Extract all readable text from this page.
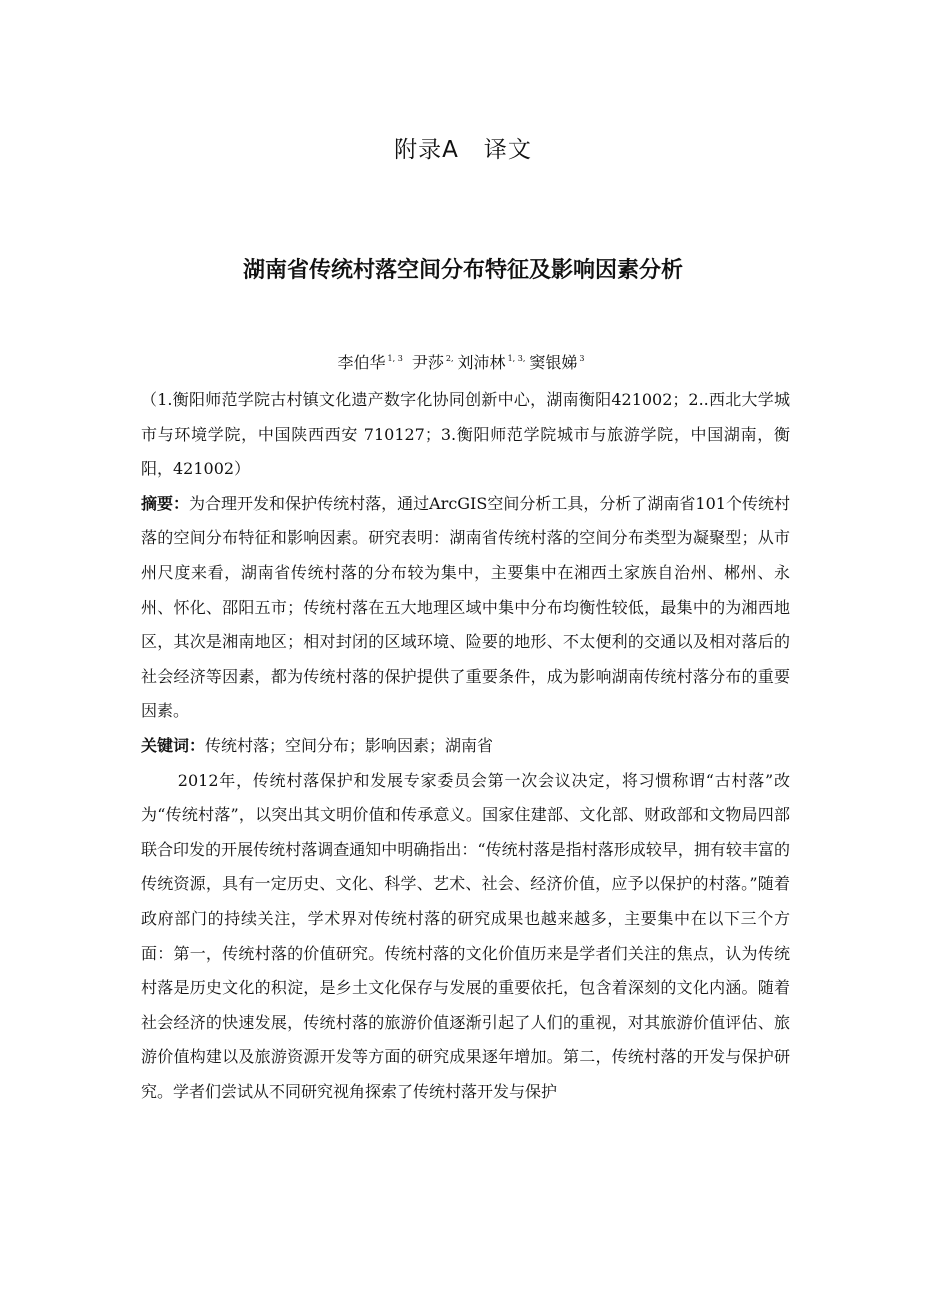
附录A   译文
湖南省传统村落空间分布特征及影响因素分析
李伯华 $^{1, 3}$ 尹莎 $^{2,}$ 刘沛林 $^{1, 3,}$ 窦银娣 $^3$

（1.衡阳师范学院古村镇文化遗产数字化协同创新中心，湖南衡阳421002；2..西北大学城市与环境学院，中国陕西西安 710127；3.衡阳师范学院城市与旅游学院，中国湖南，衡阳，421002）

摘要：为合理开发和保护传统村落，通过ArcGIS空间分析工具，分析了湖南省101个传统村落的空间分布特征和影响因素。研究表明：湖南省传统村落的空间分布类型为凝聚型；从市州尺度来看，湖南省传统村落的分布较为集中，主要集中在湘西土家族自治州、郴州、永州、怀化、邵阳五市；传统村落在五大地理区域中集中分布均衡性较低，最集中的为湘西地区，其次是湘南地区；相对封闭的区域环境、险要的地形、不太便利的交通以及相对落后的社会经济等因素，都为传统村落的保护提供了重要条件，成为影响湖南传统村落分布的重要因素。

关键词：传统村落；空间分布；影响因素；湖南省

2012年，传统村落保护和发展专家委员会第一次会议决定，将习惯称谓“古村落”改为“传统村落”，以突出其文明价值和传承意义。国家住建部、文化部、财政部和文物局四部联合印发的开展传统村落调查通知中明确指出：“传统村落是指村落形成较早，拥有较丰富的传统资源，具有一定历史、文化、科学、艺术、社会、经济价值，应予以保护的村落。”随着政府部门的持续关注，学术界对传统村落的研究成果也越来越多，主要集中在以下三个方面：第一，传统村落的价值研究。传统村落的文化价值历来是学者们关注的焦点，认为传统村落是历史文化的积淀，是乡土文化保存与发展的重要依托，包含着深刻的文化内涵。随着社会经济的快速发展，传统村落的旅游价值逐渐引起了人们的重视，对其旅游价值评估、旅游价值构建以及旅游资源开发等方面的研究成果逐年增加。第二，传统村落的开发与保护研究。学者们尝试从不同研究视角探索了传统村落开发与保护
